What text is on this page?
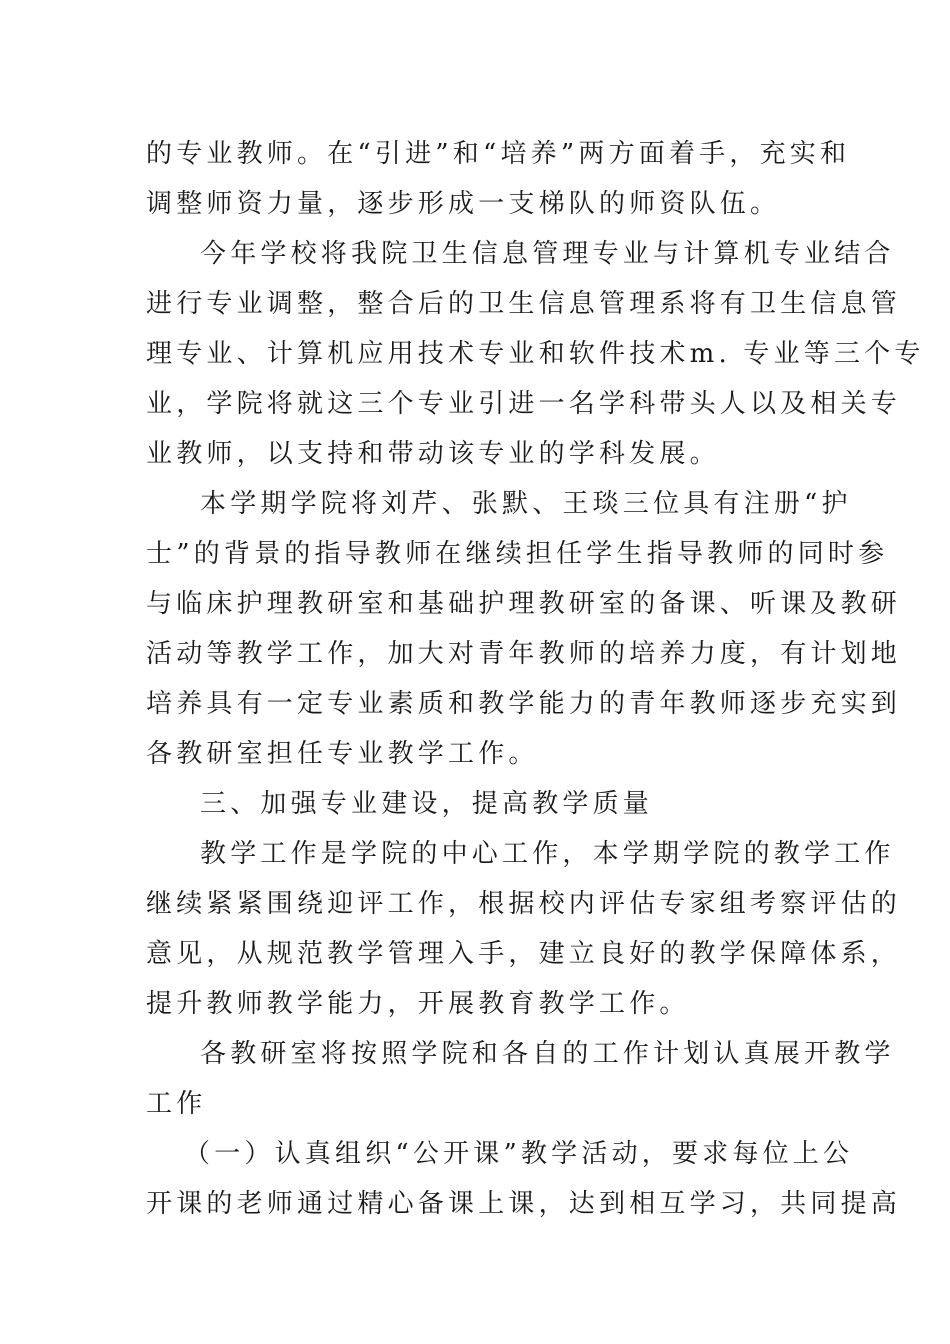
的专业教师。在“引进”和“培养”两方面着手，充实和
调整师资力量，逐步形成一支梯队的师资队伍。
今年学校将我院卫生信息管理专业与计算机专业结合
进行专业调整，整合后的卫生信息管理系将有卫生信息管
理专业、计算机应用技术专业和软件技术m. 专业等三个专
业，学院将就这三个专业引进一名学科带头人以及相关专
业教师，以支持和带动该专业的学科发展。
本学期学院将刘芹、张默、王琰三位具有注册“护
士”的背景的指导教师在继续担任学生指导教师的同时参
与临床护理教研室和基础护理教研室的备课、听课及教研
活动等教学工作，加大对青年教师的培养力度，有计划地
培养具有一定专业素质和教学能力的青年教师逐步充实到
各教研室担任专业教学工作。
三、加强专业建设，提高教学质量
教学工作是学院的中心工作，本学期学院的教学工作
继续紧紧围绕迎评工作，根据校内评估专家组考察评估的
意见，从规范教学管理入手，建立良好的教学保障体系，
提升教师教学能力，开展教育教学工作。
各教研室将按照学院和各自的工作计划认真展开教学
工作
（一）认真组织“公开课”教学活动，要求每位上公
开课的老师通过精心备课上课，达到相互学习，共同提高
